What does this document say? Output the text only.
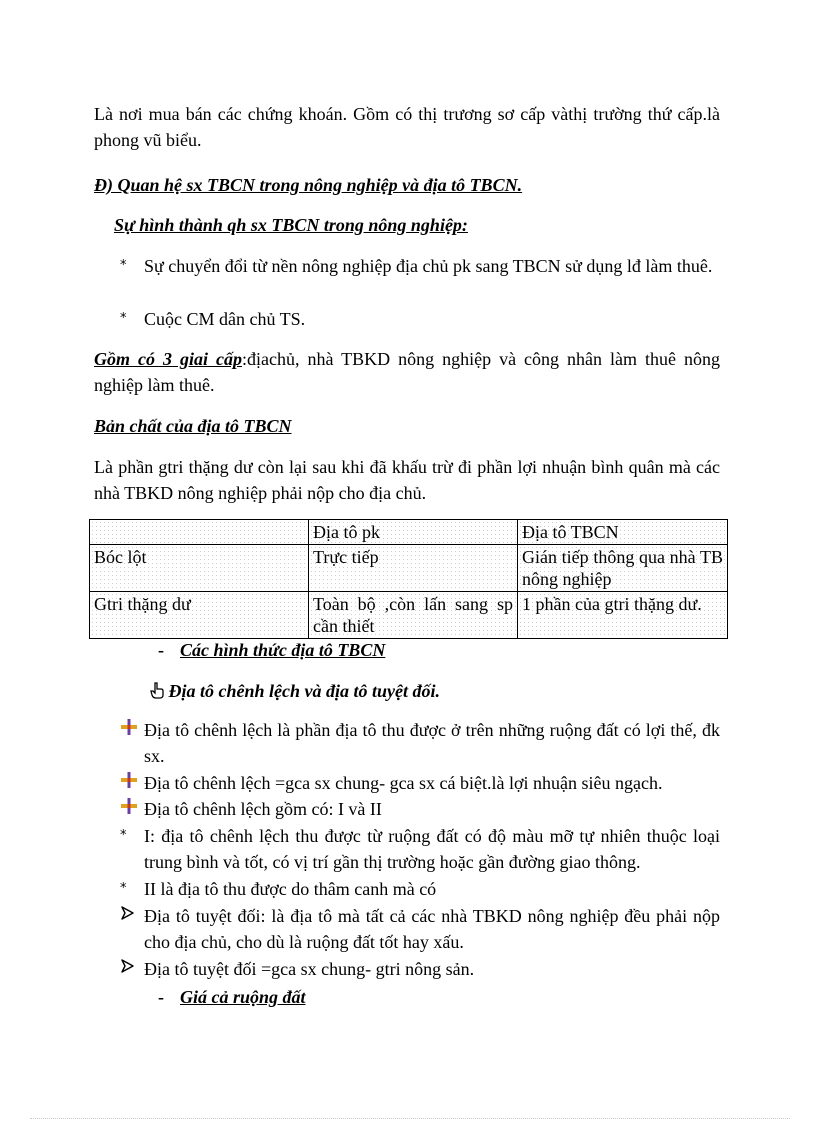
Là nơi mua bán các chứng khoán. Gồm có thị trương sơ cấp vàthị trường thứ cấp.là phong vũ biểu.

Đ) Quan hệ sx TBCN trong nông nghiệp và địa tô TBCN.

Sự hình thành qh sx TBCN trong nông nghiệp:

* Sự chuyển đổi từ nền nông nghiệp địa chủ pk sang TBCN sử dụng lđ làm thuê.
* Cuộc CM dân chủ TS.

Gồm có 3 giai cấp:địachủ, nhà TBKD nông nghiệp và công nhân làm thuê nông nghiệp làm thuê.

Bản chất của địa tô TBCN

Là phần gtri thặng dư còn lại sau khi đã khấu trừ đi phần lợi nhuận bình quân mà các nhà TBKD nông nghiệp phải nộp cho địa chủ.

	Địa tô pk	Địa tô TBCN
Bóc lột	Trực tiếp	Gián tiếp thông qua nhà TB nông nghiệp
Gtri thặng dư	Toàn bộ ,còn lấn sang sp cần thiết	1 phần của gtri thặng dư.
- Các hình thức địa tô TBCN

Địa tô chênh lệch và địa tô tuyệt đối.

Địa tô chênh lệch là phần địa tô thu được ở trên những ruộng đất có lợi thế, đk sx.
Địa tô chênh lệch =gca sx chung- gca sx cá biệt.là lợi nhuận siêu ngạch.
Địa tô chênh lệch gồm có: I và II
* I: địa tô chênh lệch thu được từ ruộng đất có độ màu mỡ tự nhiên thuộc loại trung bình và tốt, có vị trí gần thị trường hoặc gần đường giao thông.
* II là địa tô thu được do thâm canh mà có
Địa tô tuyệt đối: là địa tô mà tất cả các nhà TBKD nông nghiệp đều phải nộp cho địa chủ, cho dù là ruộng đất tốt hay xấu.
Địa tô tuyệt đối =gca sx chung- gtri nông sản.
- Giá cả ruộng đất
